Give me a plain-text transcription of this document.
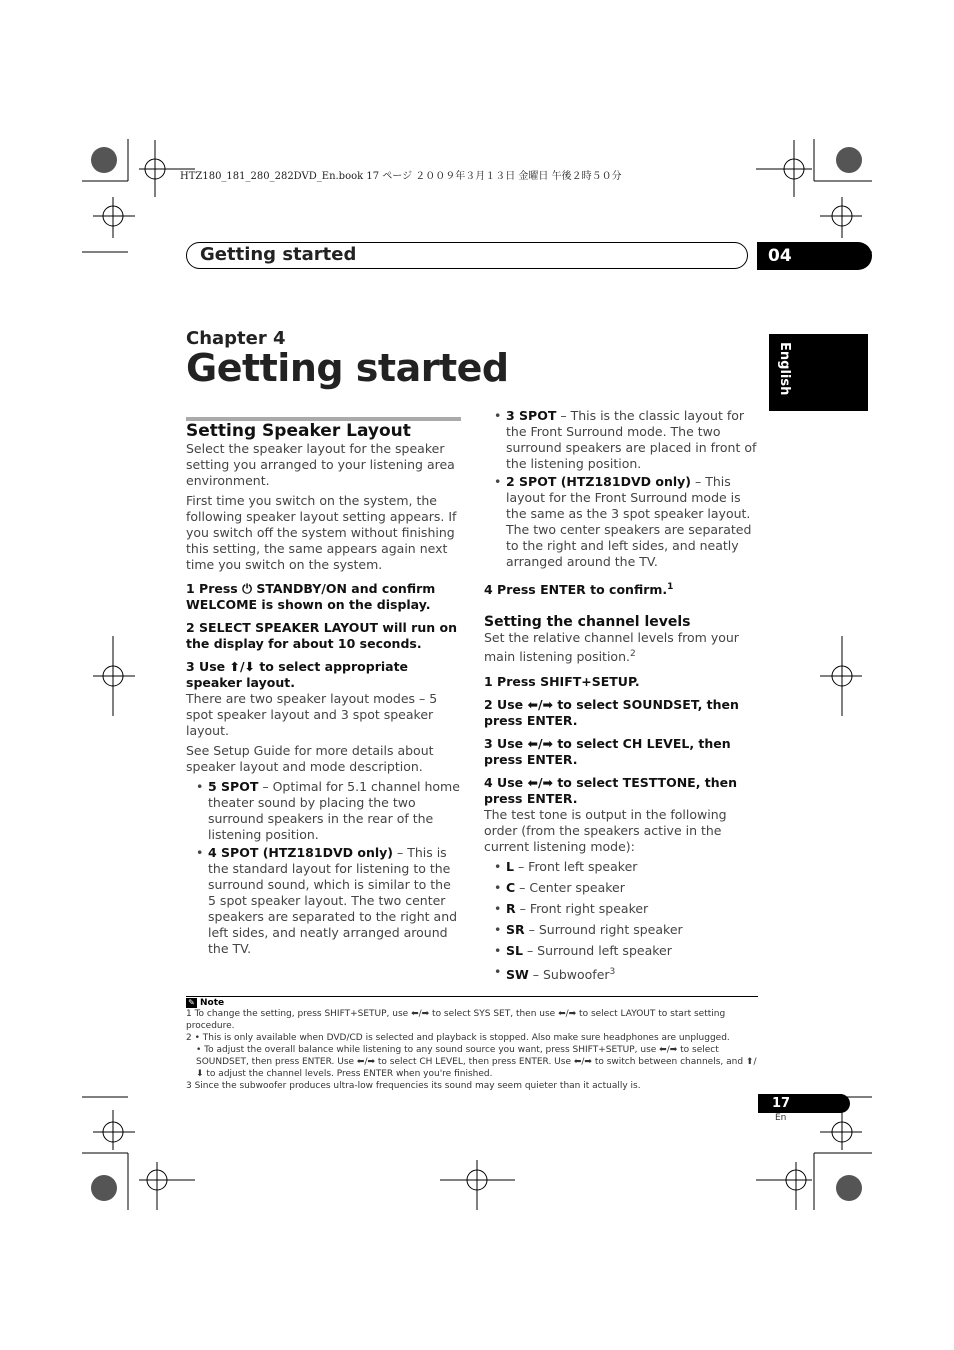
HTZ180_181_280_282DVD_En.book 17 ページ ２００９年３月１３日 金曜日 午後２時５０分
Getting started	04
English
Chapter 4
Getting started
Setting Speaker Layout
Select the speaker layout for the speaker setting you arranged to your listening area environment.
First time you switch on the system, the following speaker layout setting appears. If you switch off the system without finishing this setting, the same appears again next time you switch on the system.
1 Press ⏻ STANDBY/ON and confirm WELCOME is shown on the display.
2 SELECT SPEAKER LAYOUT will run on the display for about 10 seconds.
3 Use ⬆/⬇ to select appropriate speaker layout.
There are two speaker layout modes – 5 spot speaker layout and 3 spot speaker layout.
See Setup Guide for more details about speaker layout and mode description.
• 5 SPOT – Optimal for 5.1 channel home theater sound by placing the two surround speakers in the rear of the listening position.
• 4 SPOT (HTZ181DVD only) – This is the standard layout for listening to the surround sound, which is similar to the 5 spot speaker layout. The two center speakers are separated to the right and left sides, and neatly arranged around the TV.
• 3 SPOT – This is the classic layout for the Front Surround mode. The two surround speakers are placed in front of the listening position.
• 2 SPOT (HTZ181DVD only) – This layout for the Front Surround mode is the same as the 3 spot speaker layout. The two center speakers are separated to the right and left sides, and neatly arranged around the TV.
4 Press ENTER to confirm.$^1$
Setting the channel levels
Set the relative channel levels from your main listening position.$^2$
1 Press SHIFT+SETUP.
2 Use ⬅/➡ to select SOUNDSET, then press ENTER.
3 Use ⬅/➡ to select CH LEVEL, then press ENTER.
4 Use ⬅/➡ to select TESTTONE, then press ENTER.
The test tone is output in the following order (from the speakers active in the current listening mode):
• L – Front left speaker
• C – Center speaker
• R – Front right speaker
• SR – Surround right speaker
• SL – Surround left speaker
• SW – Subwoofer$^3$
✎ Note
1 To change the setting, press SHIFT+SETUP, use ⬅/➡ to select SYS SET, then use ⬅/➡ to select LAYOUT to start setting procedure.
2 • This is only available when DVD/CD is selected and playback is stopped. Also make sure headphones are unplugged.
• To adjust the overall balance while listening to any sound source you want, press SHIFT+SETUP, use ⬅/➡ to select SOUNDSET, then press ENTER. Use ⬅/➡ to select CH LEVEL, then press ENTER. Use ⬅/➡ to switch between channels, and ⬆/⬇ to adjust the channel levels. Press ENTER when you're finished.
3 Since the subwoofer produces ultra-low frequencies its sound may seem quieter than it actually is.
17
En
